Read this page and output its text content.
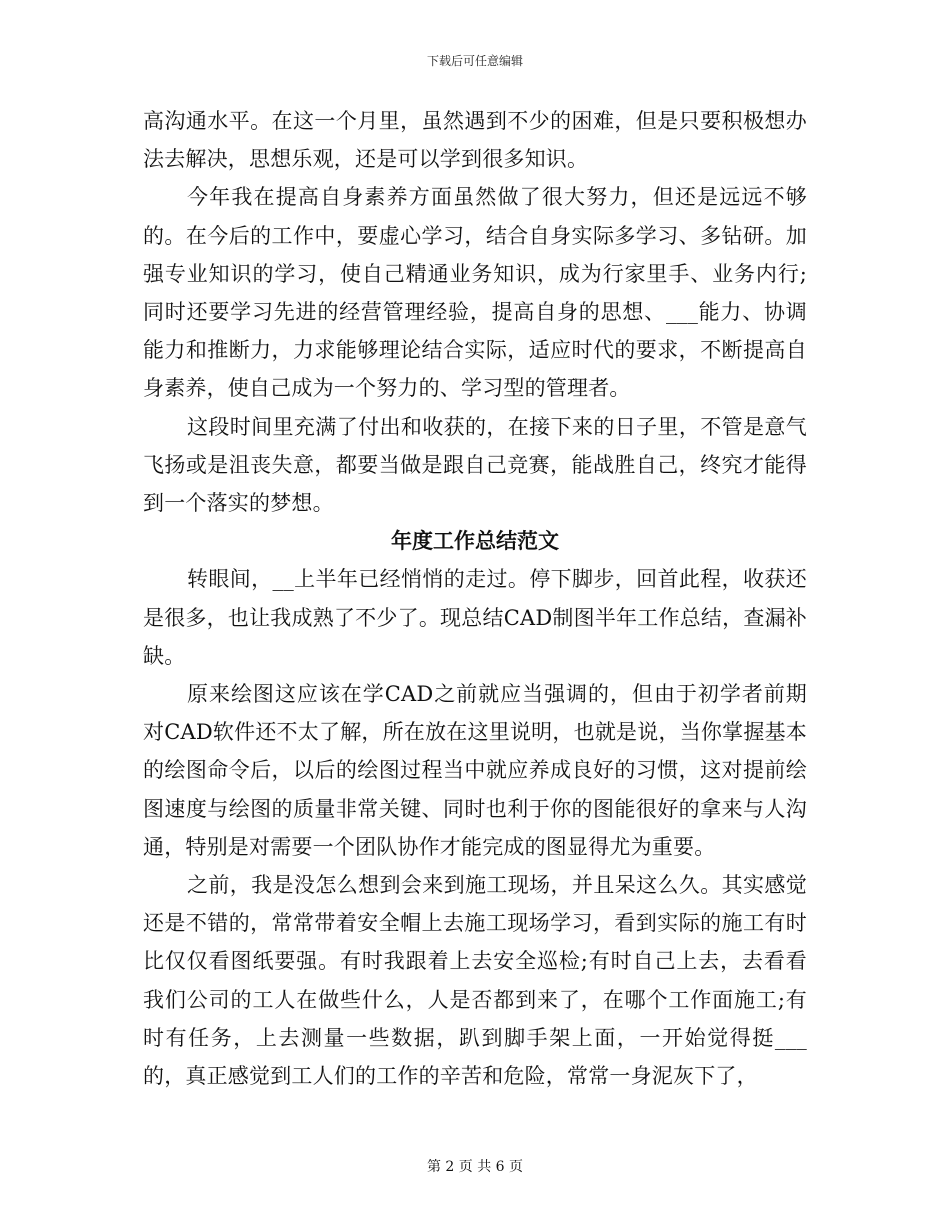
下载后可任意编辑

高沟通水平。在这一个月里，虽然遇到不少的困难，但是只要积极想办法去解决，思想乐观，还是可以学到很多知识。

今年我在提高自身素养方面虽然做了很大努力，但还是远远不够的。在今后的工作中，要虚心学习，结合自身实际多学习、多钻研。加强专业知识的学习，使自己精通业务知识，成为行家里手、业务内行;同时还要学习先进的经营管理经验，提高自身的思想、___能力、协调能力和推断力，力求能够理论结合实际，适应时代的要求，不断提高自身素养，使自己成为一个努力的、学习型的管理者。

这段时间里充满了付出和收获的，在接下来的日子里，不管是意气飞扬或是沮丧失意，都要当做是跟自己竞赛，能战胜自己，终究才能得到一个落实的梦想。

年度工作总结范文

转眼间，__上半年已经悄悄的走过。停下脚步，回首此程，收获还是很多，也让我成熟了不少了。现总结CAD制图半年工作总结，查漏补缺。

原来绘图这应该在学CAD之前就应当强调的，但由于初学者前期对CAD软件还不太了解，所在放在这里说明，也就是说，当你掌握基本的绘图命令后，以后的绘图过程当中就应养成良好的习惯，这对提前绘图速度与绘图的质量非常关键、同时也利于你的图能很好的拿来与人沟通，特别是对需要一个团队协作才能完成的图显得尤为重要。

之前，我是没怎么想到会来到施工现场，并且呆这么久。其实感觉还是不错的，常常带着安全帽上去施工现场学习，看到实际的施工有时比仅仅看图纸要强。有时我跟着上去安全巡检;有时自己上去，去看看我们公司的工人在做些什么，人是否都到来了，在哪个工作面施工;有时有任务，上去测量一些数据，趴到脚手架上面，一开始觉得挺___的，真正感觉到工人们的工作的辛苦和危险，常常一身泥灰下了，

第 2 页 共 6 页
